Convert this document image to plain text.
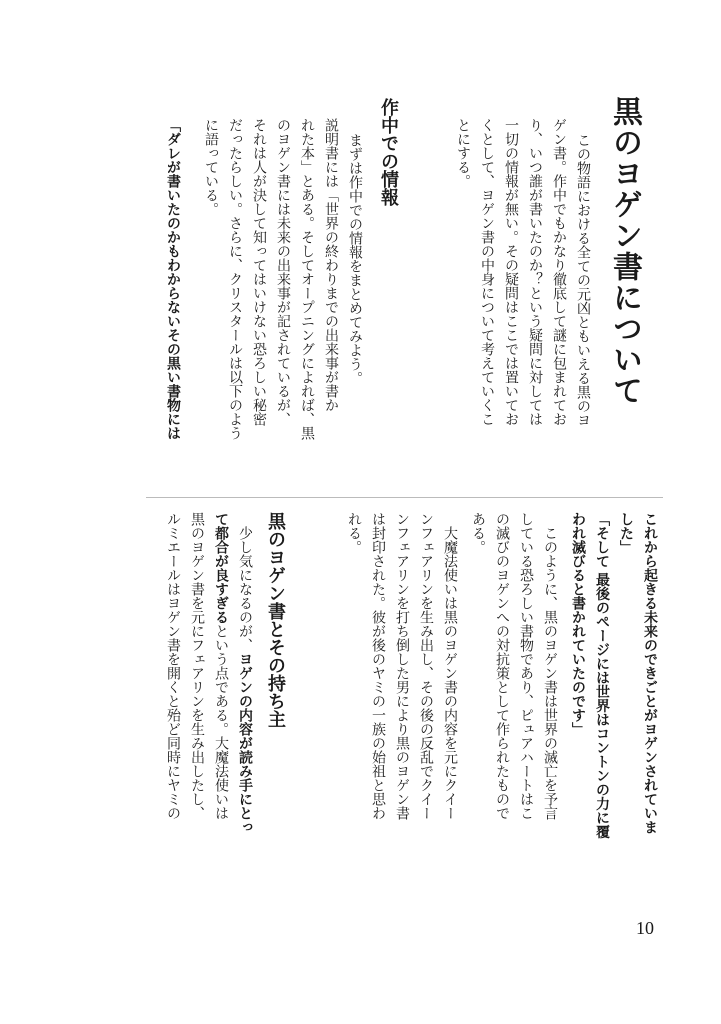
黒のヨゲン書について
この物語における全ての元凶ともいえる黒のヨ
ゲン書。作中でもかなり徹底して謎に包まれてお
り、いつ誰が書いたのか？という疑問に対しては
一切の情報が無い。その疑問はここでは置いてお
くとして、ヨゲン書の中身について考えていくこ
とにする。
作中での情報
まずは作中での情報をまとめてみよう。
説明書には「世界の終わりまでの出来事が書か
れた本」とある。そしてオープニングによれば、黒
のヨゲン書には未来の出来事が記されているが、
それは人が決して知ってはいけない恐ろしい秘密
だったらしい。さらに、クリスタールは以下のよう
に語っている。
「ダレが書いたのかもわからないその黒い書物には
これから起きる未来のできごとがヨゲンされていま
した」
「そして 最後のページには世界はコントンの力に覆
われ滅びると書かれていたのです」
このように、黒のヨゲン書は世界の滅亡を予言
している恐ろしい書物であり、ピュアハートはこ
の滅びのヨゲンへの対抗策として作られたもので
ある。
大魔法使いは黒のヨゲン書の内容を元にクイー
ンフェアリンを生み出し、その後の反乱でクイー
ンフェアリンを打ち倒した男により黒のヨゲン書
は封印された。彼が後のヤミの一族の始祖と思わ
れる。
黒のヨゲン書とその持ち主
少し気になるのが、ヨゲンの内容が読み手にとっ
て都合が良すぎるという点である。大魔法使いは
黒のヨゲン書を元にフェアリンを生み出したし、
ルミエールはヨゲン書を開くと殆ど同時にヤミの
10
